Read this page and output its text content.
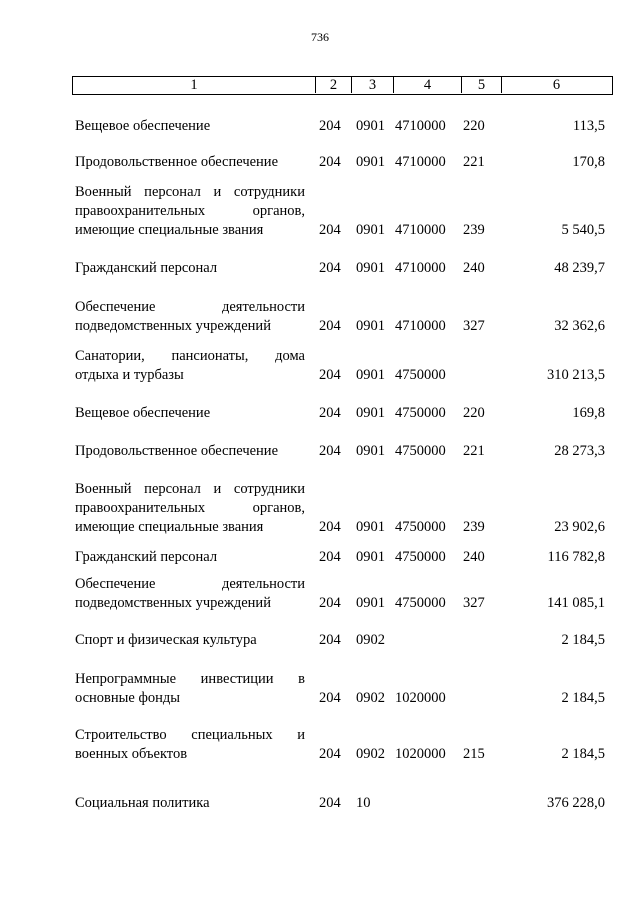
736
1	2	3	4	5	6
Вещевое обеспечение	204 0901 4710000 220	113,5
Продовольственное обеспечение	204 0901 4710000 221	170,8
Военный персонал и сотрудники
правоохранительных органов,
имеющие специальные звания	204 0901 4710000 239	5 540,5
Гражданский персонал	204 0901 4710000 240	48 239,7
Обеспечение деятельности
подведомственных учреждений	204 0901 4710000 327	32 362,6
Санатории, пансионаты, дома
отдыха и турбазы	204 0901 4750000	310 213,5
Вещевое обеспечение	204 0901 4750000 220	169,8
Продовольственное обеспечение	204 0901 4750000 221	28 273,3
Военный персонал и сотрудники
правоохранительных органов,
имеющие специальные звания	204 0901 4750000 239	23 902,6
Гражданский персонал	204 0901 4750000 240	116 782,8
Обеспечение деятельности
подведомственных учреждений	204 0901 4750000 327	141 085,1
Спорт и физическая культура	204 0902	2 184,5
Непрограммные инвестиции в
основные фонды	204 0902 1020000	2 184,5
Строительство специальных и
военных объектов	204 0902 1020000 215	2 184,5
Социальная политика	204 10	376 228,0
